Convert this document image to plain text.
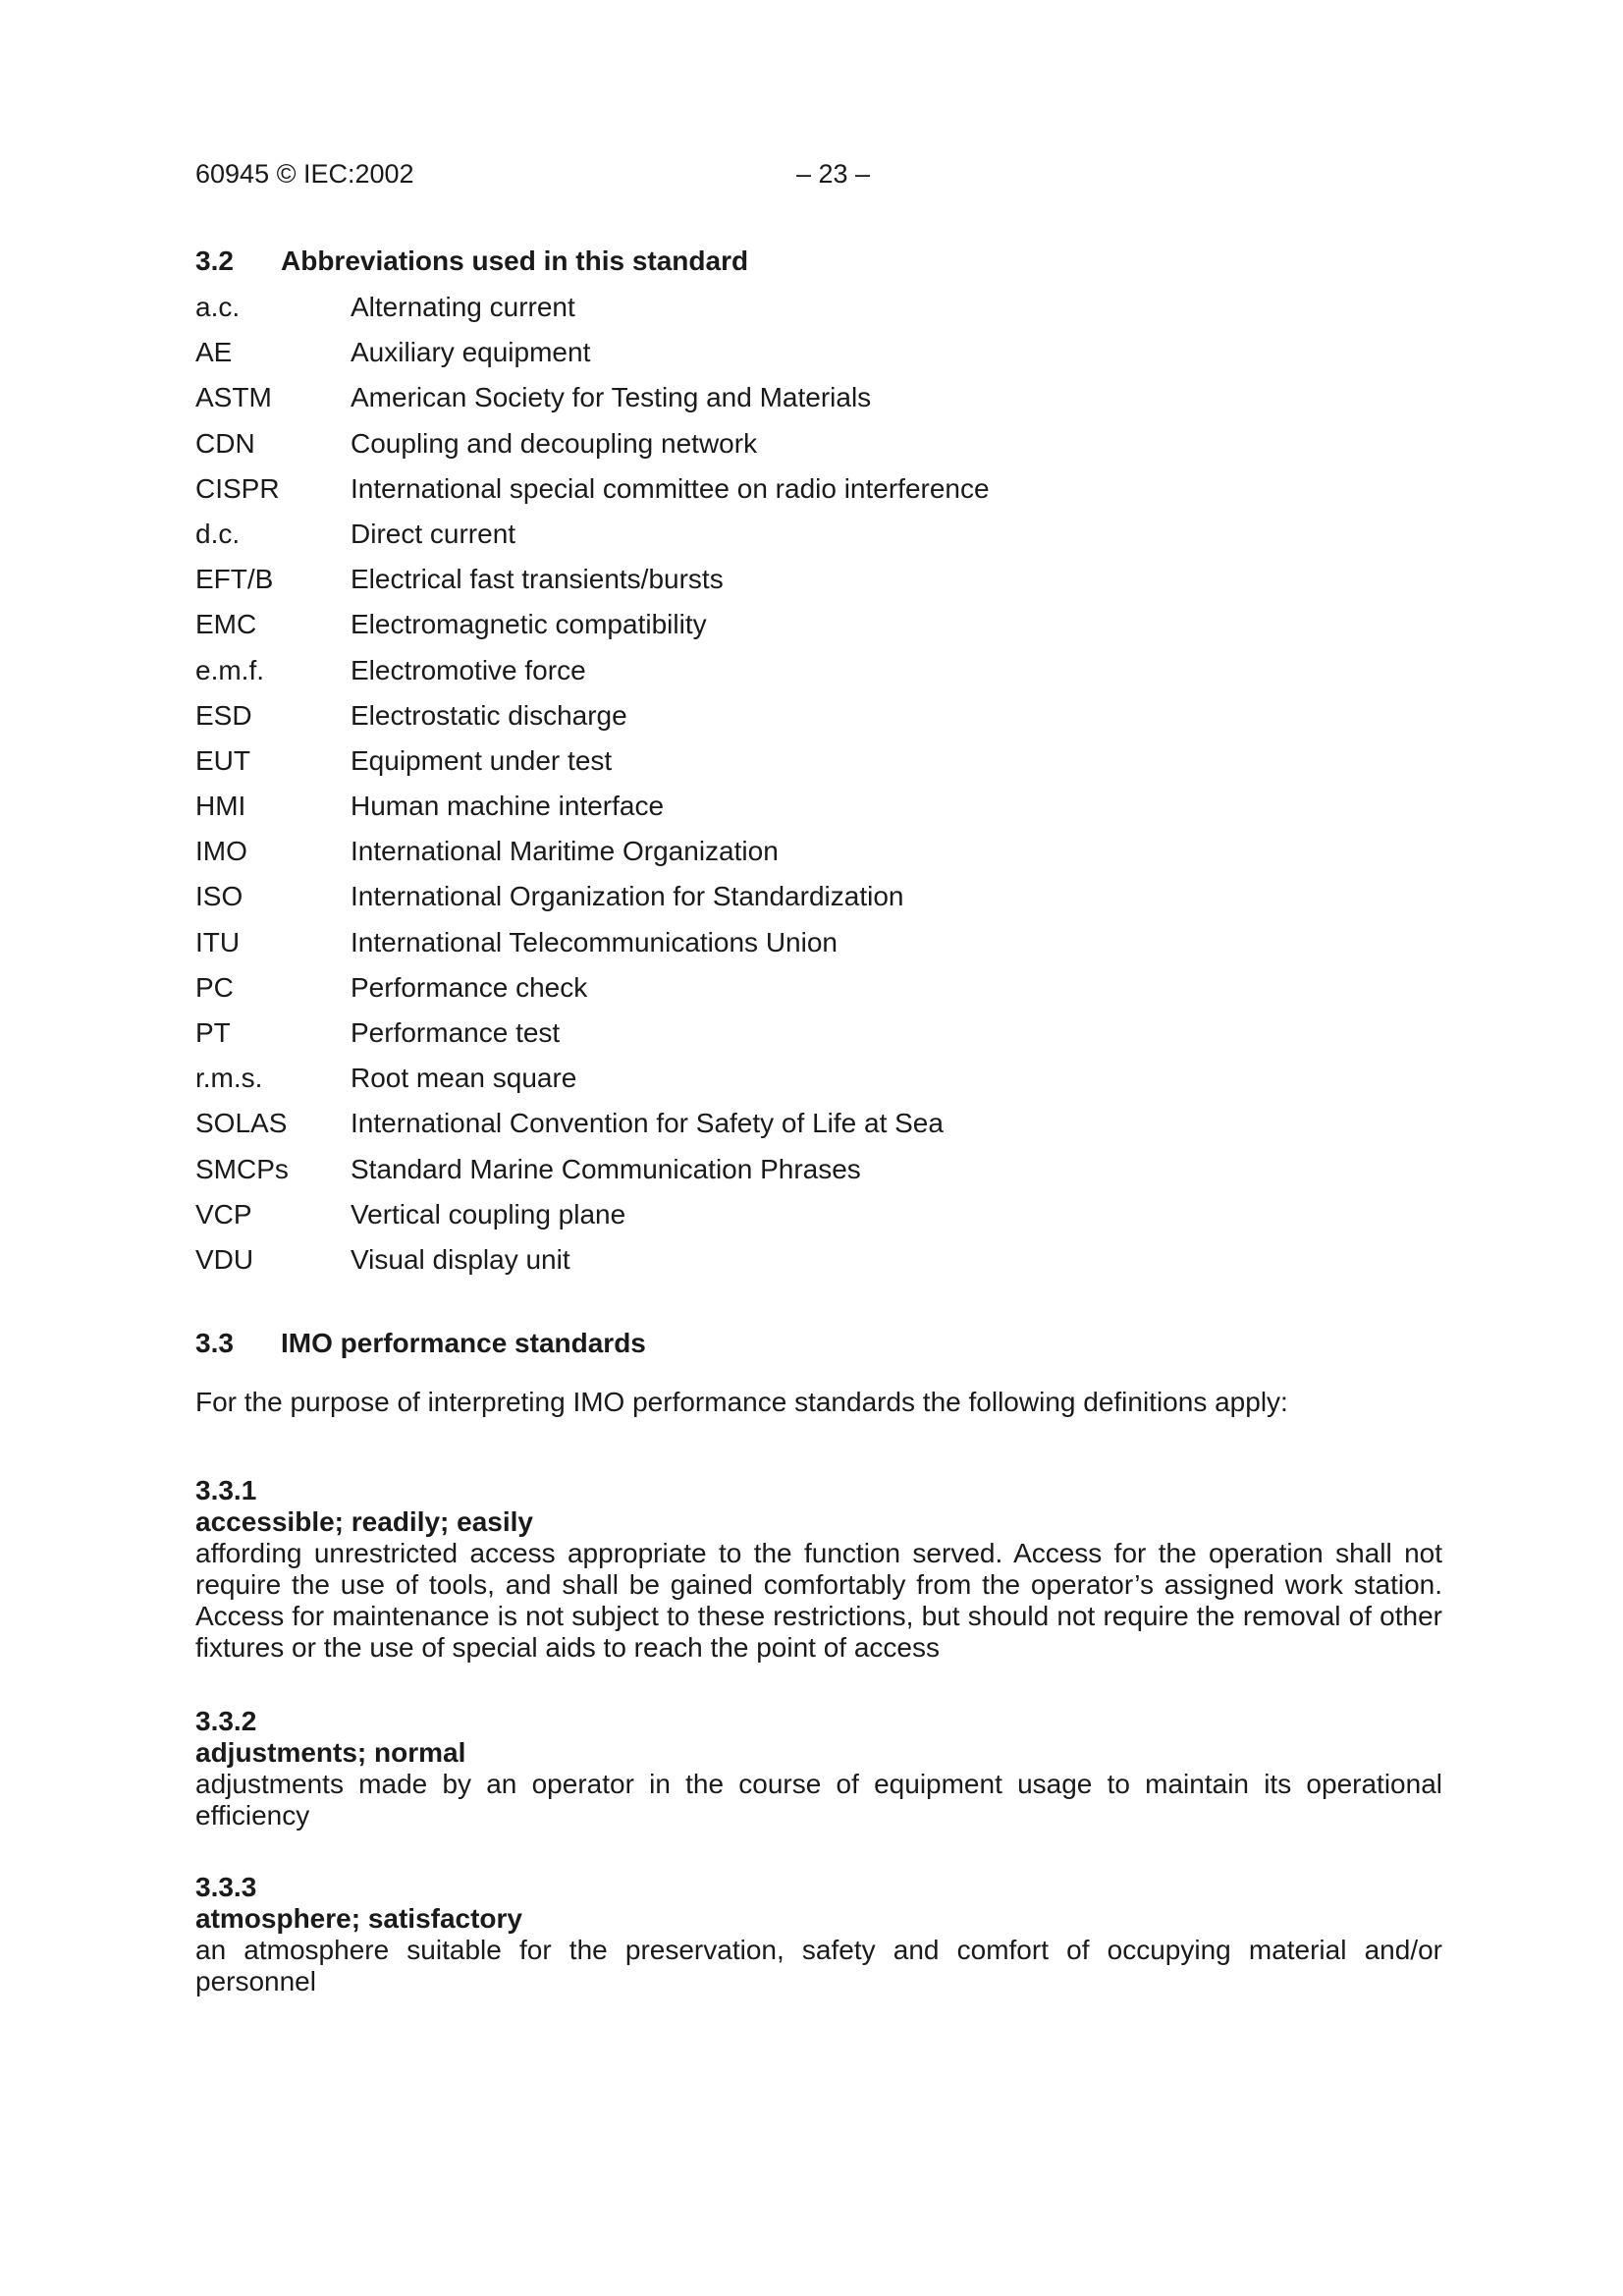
60945 © IEC:2002	– 23 –
3.2 Abbreviations used in this standard
a.c.	Alternating current
AE	Auxiliary equipment
ASTM	American Society for Testing and Materials
CDN	Coupling and decoupling network
CISPR	International special committee on radio interference
d.c.	Direct current
EFT/B	Electrical fast transients/bursts
EMC	Electromagnetic compatibility
e.m.f.	Electromotive force
ESD	Electrostatic discharge
EUT	Equipment under test
HMI	Human machine interface
IMO	International Maritime Organization
ISO	International Organization for Standardization
ITU	International Telecommunications Union
PC	Performance check
PT	Performance test
r.m.s.	Root mean square
SOLAS International Convention for Safety of Life at Sea
SMCPs Standard Marine Communication Phrases
VCP	Vertical coupling plane
VDU	Visual display unit
3.3 IMO performance standards
For the purpose of interpreting IMO performance standards the following definitions apply:
3.3.1
accessible; readily; easily
affording unrestricted access appropriate to the function served. Access for the operation shall not require the use of tools, and shall be gained comfortably from the operator’s assigned work station. Access for maintenance is not subject to these restrictions, but should not require the removal of other fixtures or the use of special aids to reach the point of access
3.3.2
adjustments; normal
adjustments made by an operator in the course of equipment usage to maintain its operational efficiency
3.3.3
atmosphere; satisfactory
an atmosphere suitable for the preservation, safety and comfort of occupying material and/or personnel
